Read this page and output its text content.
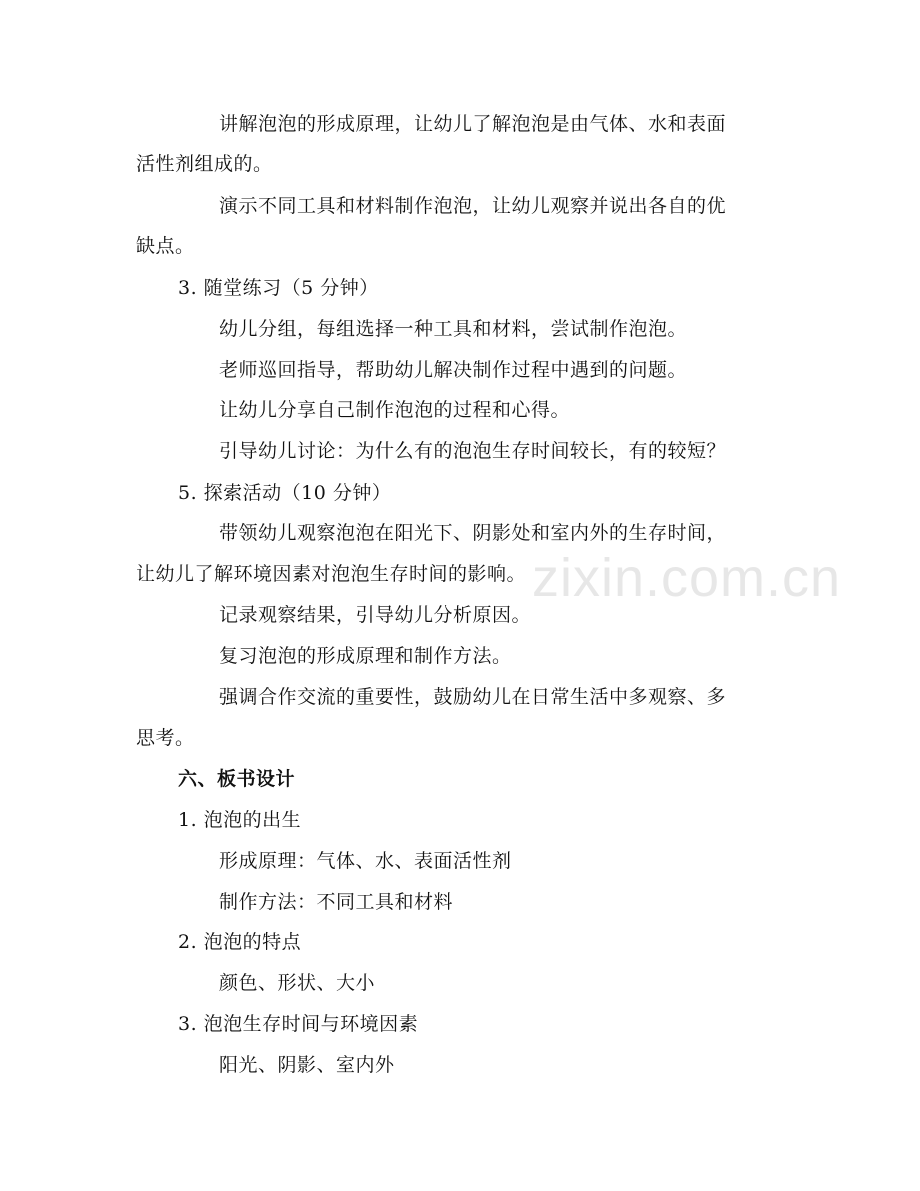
讲解泡泡的形成原理，让幼儿了解泡泡是由气体、水和表面
活性剂组成的。
演示不同工具和材料制作泡泡，让幼儿观察并说出各自的优
缺点。
3. 随堂练习（5 分钟）
幼儿分组，每组选择一种工具和材料，尝试制作泡泡。
老师巡回指导，帮助幼儿解决制作过程中遇到的问题。
让幼儿分享自己制作泡泡的过程和心得。
引导幼儿讨论：为什么有的泡泡生存时间较长，有的较短？
5. 探索活动（10 分钟）
带领幼儿观察泡泡在阳光下、阴影处和室内外的生存时间，
让幼儿了解环境因素对泡泡生存时间的影响。
记录观察结果，引导幼儿分析原因。
复习泡泡的形成原理和制作方法。
强调合作交流的重要性，鼓励幼儿在日常生活中多观察、多
思考。
六、板书设计
1. 泡泡的出生
形成原理：气体、水、表面活性剂
制作方法：不同工具和材料
2. 泡泡的特点
颜色、形状、大小
3. 泡泡生存时间与环境因素
阳光、阴影、室内外
zixin.com.cn
